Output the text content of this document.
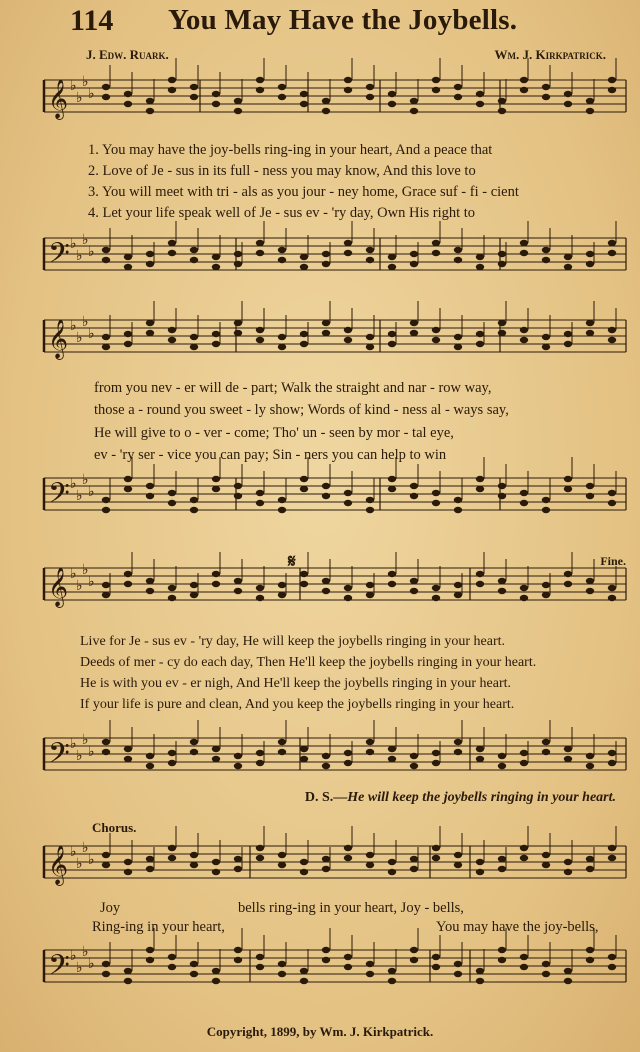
114 You May Have the Joybells.
J. Edw. Ruark.	Wm. J. Kirkpatrick.
𝄞 ♭
♭
♭
♭
𝄢 ♭
♭
♭
♭
𝄞 ♭
♭
♭
♭
𝄢 ♭
♭
♭
♭
𝄞 ♭
♭
♭
♭
𝄢 ♭
♭
♭
♭
𝄞 ♭
♭
♭
♭
𝄢 ♭
♭
♭
♭
1. You may have the joy-bells ring-ing in your heart, And a peace that
2. Love of Je - sus in its full - ness you may know, And this love to
3. You will meet with tri - als as you jour - ney home, Grace suf - fi - cient
4. Let your life speak well of Je - sus ev - 'ry day, Own His right to
from you nev - er will de - part; Walk the straight and nar - row way,
those a - round you sweet - ly show; Words of kind - ness al - ways say,
He will give to o - ver - come; Tho' un - seen by mor - tal eye,
ev - 'ry ser - vice you can pay; Sin - ners you can help to win
𝄋	Fine.
Live for Je - sus ev - 'ry day, He will keep the joybells ringing in your heart.
Deeds of mer - cy do each day, Then He'll keep the joybells ringing in your heart.
He is with you ev - er nigh, And He'll keep the joybells ringing in your heart.
If your life is pure and clean, And you keep the joybells ringing in your heart.
D. S.—He will keep the joybells ringing in your heart.
Chorus.
Joy	bells ring-ing in your heart, Joy - bells,
Ring-ing in your heart,	You may have the joy-bells,
Copyright, 1899, by Wm. J. Kirkpatrick.
